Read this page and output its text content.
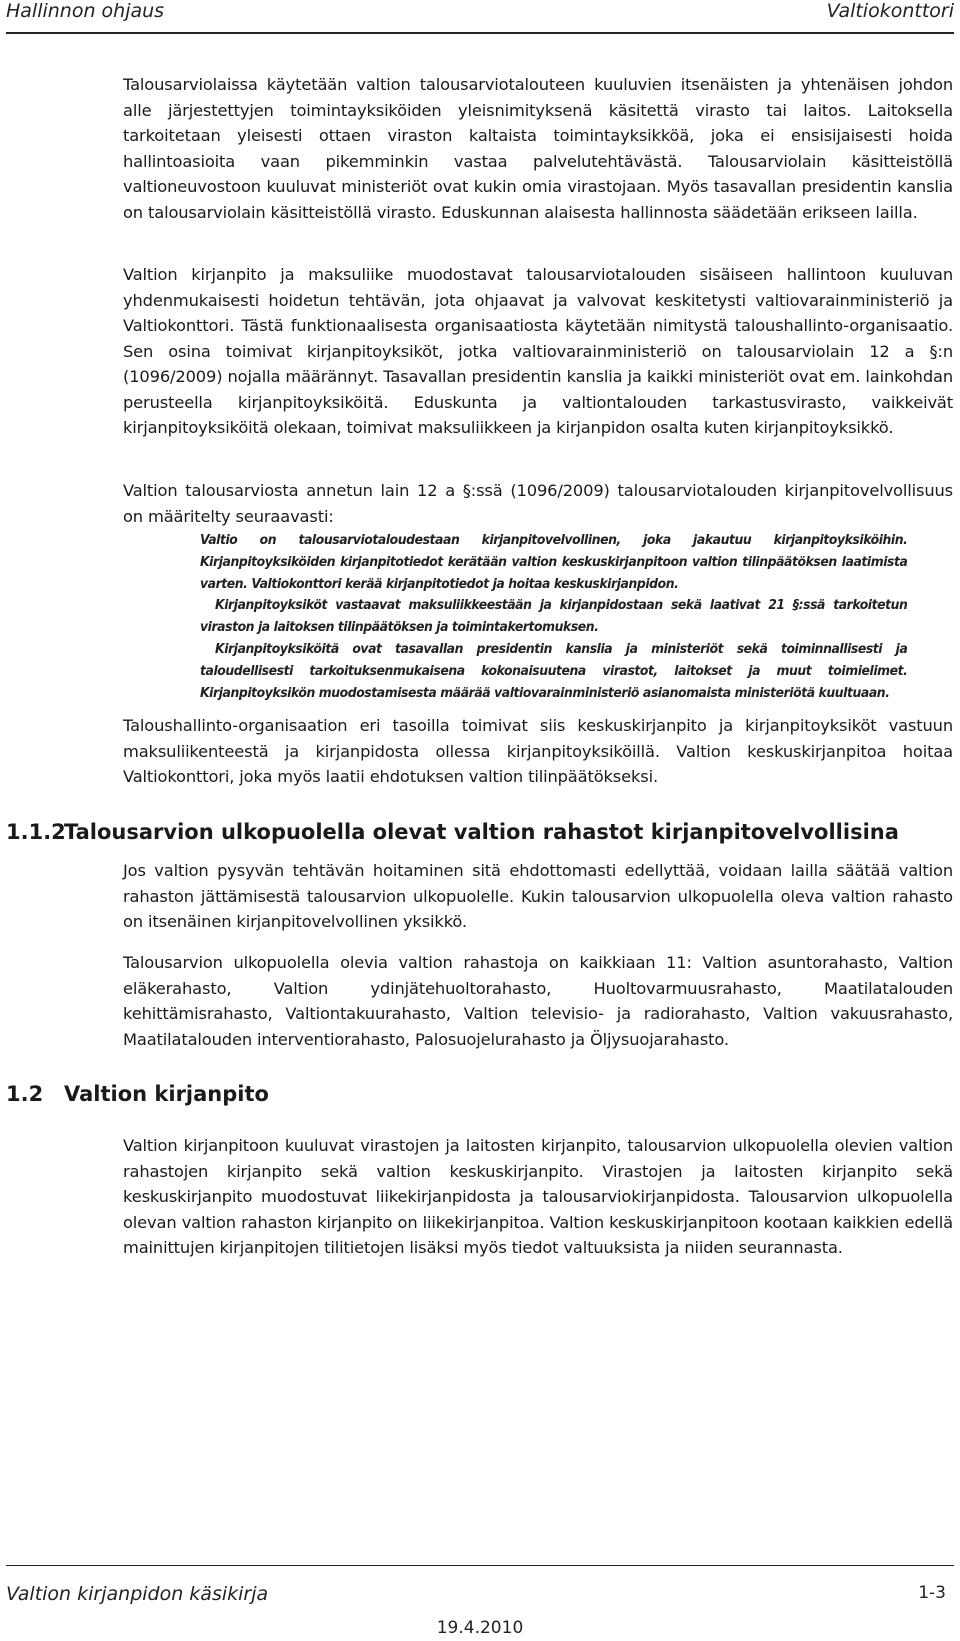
Hallinnon ohjaus	Valtiokonttori

Talousarviolaissa käytetään valtion talousarviotalouteen kuuluvien itsenäisten ja yhtenäisen johdon alle järjestettyjen toimintayksiköiden yleisnimityksenä käsitettä virasto tai laitos. Laitoksella tarkoitetaan yleisesti ottaen viraston kaltaista toimintayksikköä, joka ei ensisijaisesti hoida hallintoasioita vaan pikemminkin vastaa palvelutehtävästä. Talousarviolain käsitteistöllä valtioneuvostoon kuuluvat ministeriöt ovat kukin omia virastojaan. Myös tasavallan presidentin kanslia on talousarviolain käsitteistöllä virasto. Eduskunnan alaisesta hallinnosta säädetään erikseen lailla.

Valtion kirjanpito ja maksuliike muodostavat talousarviotalouden sisäiseen hallintoon kuuluvan yhdenmukaisesti hoidetun tehtävän, jota ohjaavat ja valvovat keskitetysti valtiovarainministeriö ja Valtiokonttori. Tästä funktionaalisesta organisaatiosta käytetään nimitystä taloushallinto-organisaatio. Sen osina toimivat kirjanpitoyksiköt, jotka valtiovarainministeriö on talousarviolain 12 a §:n (1096/2009) nojalla määrännyt. Tasavallan presidentin kanslia ja kaikki ministeriöt ovat em. lainkohdan perusteella kirjanpitoyksiköitä. Eduskunta ja valtiontalouden tarkastusvirasto, vaikkeivät kirjanpitoyksiköitä olekaan, toimivat maksuliikkeen ja kirjanpidon osalta kuten kirjanpitoyksikkö.

Valtion talousarviosta annetun lain 12 a §:ssä (1096/2009) talousarviotalouden kirjanpitovelvollisuus on määritelty seuraavasti:

Valtio on talousarviotaloudestaan kirjanpitovelvollinen, joka jakautuu kirjanpitoyksiköihin. Kirjanpitoyksiköiden kirjanpitotiedot kerätään valtion keskuskirjanpitoon valtion tilinpäätöksen laatimista varten. Valtiokonttori kerää kirjanpitotiedot ja hoitaa keskuskirjanpidon.

Kirjanpitoyksiköt vastaavat maksuliikkeestään ja kirjanpidostaan sekä laativat 21 §:ssä tarkoitetun viraston ja laitoksen tilinpäätöksen ja toimintakertomuksen.

Kirjanpitoyksiköitä ovat tasavallan presidentin kanslia ja ministeriöt sekä toiminnallisesti ja taloudellisesti tarkoituksenmukaisena kokonaisuutena virastot, laitokset ja muut toimielimet. Kirjanpitoyksikön muodostamisesta määrää valtiovarainministeriö asianomaista ministeriötä kuultuaan.

Taloushallinto-organisaation eri tasoilla toimivat siis keskuskirjanpito ja kirjanpitoyksiköt vastuun maksuliikenteestä ja kirjanpidosta ollessa kirjanpitoyksiköillä. Valtion keskuskirjanpitoa hoitaa Valtiokonttori, joka myös laatii ehdotuksen valtion tilinpäätökseksi.

1.1.2Talousarvion ulkopuolella olevat valtion rahastot kirjanpitovelvollisina

Jos valtion pysyvän tehtävän hoitaminen sitä ehdottomasti edellyttää, voidaan lailla säätää valtion rahaston jättämisestä talousarvion ulkopuolelle. Kukin talousarvion ulkopuolella oleva valtion rahasto on itsenäinen kirjanpitovelvollinen yksikkö.

Talousarvion ulkopuolella olevia valtion rahastoja on kaikkiaan 11: Valtion asuntorahasto, Valtion eläkerahasto, Valtion ydinjätehuoltorahasto, Huoltovarmuusrahasto, Maatilatalouden kehittämisrahasto, Valtiontakuurahasto, Valtion televisio- ja radiorahasto, Valtion vakuusrahasto, Maatilatalouden interventiorahasto, Palosuojelurahasto ja Öljysuojarahasto.

1.2 Valtion kirjanpito

Valtion kirjanpitoon kuuluvat virastojen ja laitosten kirjanpito, talousarvion ulkopuolella olevien valtion rahastojen kirjanpito sekä valtion keskuskirjanpito. Virastojen ja laitosten kirjanpito sekä keskuskirjanpito muodostuvat liikekirjanpidosta ja talousarviokirjanpidosta. Talousarvion ulkopuolella olevan valtion rahaston kirjanpito on liikekirjanpitoa. Valtion keskuskirjanpitoon kootaan kaikkien edellä mainittujen kirjanpitojen tilitietojen lisäksi myös tiedot valtuuksista ja niiden seurannasta.

Valtion kirjanpidon käsikirja	1-3
19.4.2010
